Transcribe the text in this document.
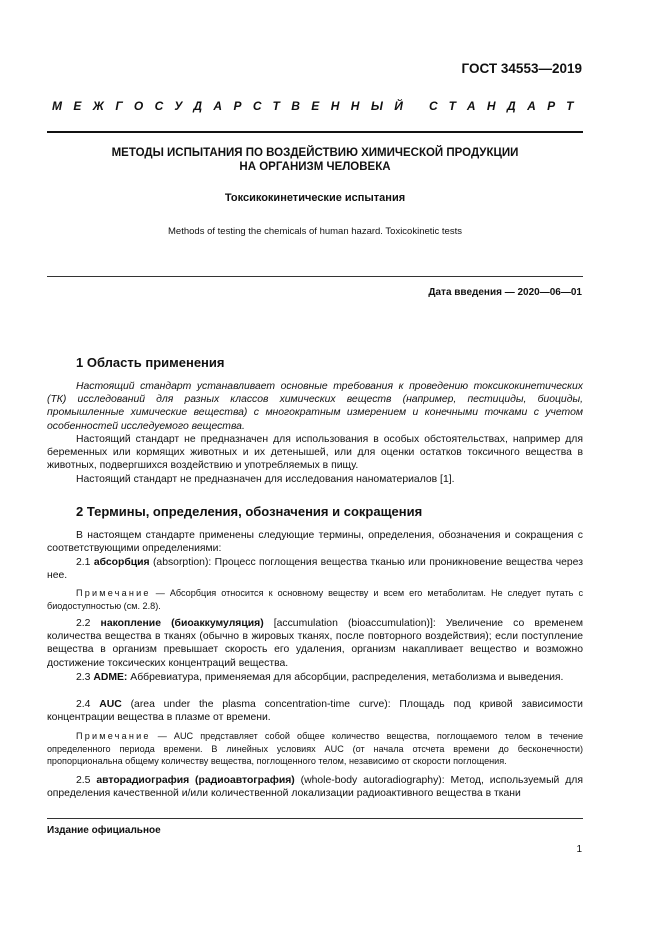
ГОСТ 34553—2019
МЕЖГОСУДАРСТВЕННЫЙ СТАНДАРТ
МЕТОДЫ ИСПЫТАНИЯ ПО ВОЗДЕЙСТВИЮ ХИМИЧЕСКОЙ ПРОДУКЦИИ
НА ОРГАНИЗМ ЧЕЛОВЕКА
Токсикокинетические испытания
Methods of testing the chemicals of human hazard. Toxicokinetic tests
Дата введения — 2020—06—01
1 Область применения

Настоящий стандарт устанавливает основные требования к проведению токсикокинетических (ТК) исследований для разных классов химических веществ (например, пестициды, биоциды, промышленные химические вещества) с многократным измерением и конечными точками с учетом особенностей исследуемого вещества.

Настоящий стандарт не предназначен для использования в особых обстоятельствах, например для беременных или кормящих животных и их детенышей, или для оценки остатков токсичного вещества в животных, подвергшихся воздействию и употребляемых в пищу.

Настоящий стандарт не предназначен для исследования наноматериалов [1].

2 Термины, определения, обозначения и сокращения

В настоящем стандарте применены следующие термины, определения, обозначения и сокращения с соответствующими определениями:

2.1 абсорбция (absorption): Процесс поглощения вещества тканью или проникновение вещества через нее.

Примечание — Абсорбция относится к основному веществу и всем его метаболитам. Не следует путать с биодоступностью (см. 2.8).

2.2 накопление (биоаккумуляция) [accumulation (bioaccumulation)]: Увеличение со временем количества вещества в тканях (обычно в жировых тканях, после повторного воздействия); если поступление вещества в организм превышает скорость его удаления, организм накапливает вещество и возможно достижение токсических концентраций вещества.

2.3 ADME: Аббревиатура, применяемая для абсорбции, распределения, метаболизма и выведения.

2.4 AUC (area under the plasma concentration-time curve): Площадь под кривой зависимости концентрации вещества в плазме от времени.

Примечание — AUC представляет собой общее количество вещества, поглощаемого телом в течение определенного периода времени. В линейных условиях AUC (от начала отсчета времени до бесконечности) пропорциональна общему количеству вещества, поглощенного телом, независимо от скорости поглощения.

2.5 авторадиография (радиоавтография) (whole-body autoradiography): Метод, используемый для определения качественной и/или количественной локализации радиоактивного вещества в ткани

Издание официальное
1
